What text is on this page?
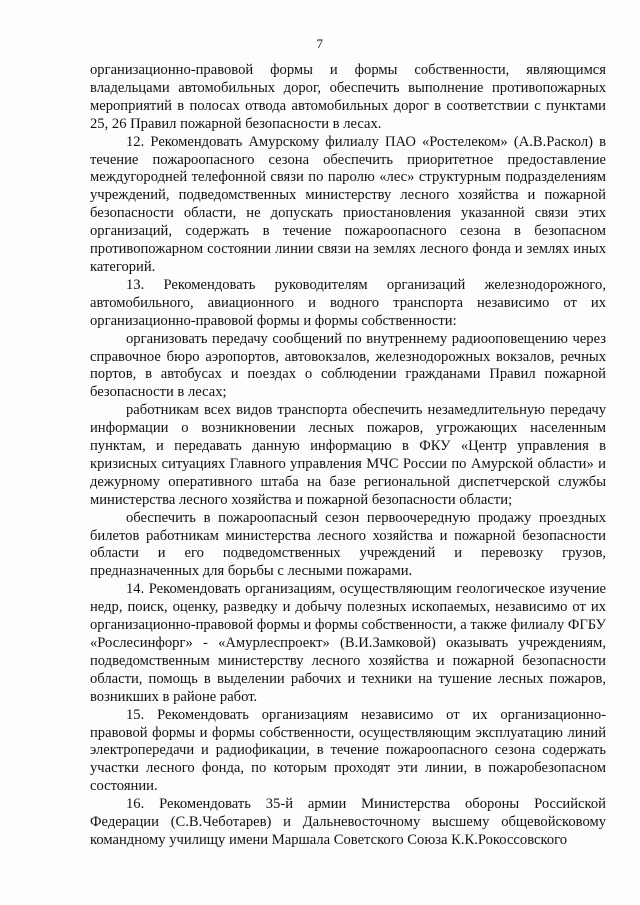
7

организационно-правовой формы и формы собственности, являющимся владельцами автомобильных дорог, обеспечить выполнение противопожарных мероприятий в полосах отвода автомобильных дорог в соответствии с пунктами 25, 26 Правил пожарной безопасности в лесах.

12. Рекомендовать Амурскому филиалу ПАО «Ростелеком» (А.В.Раскол) в течение пожароопасного сезона обеспечить приоритетное предоставление междугородней телефонной связи по паролю «лес» структурным подразделениям учреждений, подведомственных министерству лесного хозяйства и пожарной безопасности области, не допускать приостановления указанной связи этих организаций, содержать в течение пожароопасного сезона в безопасном противопожарном состоянии линии связи на землях лесного фонда и землях иных категорий.

13. Рекомендовать руководителям организаций железнодорожного, автомобильного, авиационного и водного транспорта независимо от их организационно-правовой формы и формы собственности:

организовать передачу сообщений по внутреннему радиооповещению через справочное бюро аэропортов, автовокзалов, железнодорожных вокзалов, речных портов, в автобусах и поездах о соблюдении гражданами Правил пожарной безопасности в лесах;

работникам всех видов транспорта обеспечить незамедлительную передачу информации о возникновении лесных пожаров, угрожающих населенным пунктам, и передавать данную информацию в ФКУ «Центр управления в кризисных ситуациях Главного управления МЧС России по Амурской области» и дежурному оперативного штаба на базе региональной диспетчерской службы министерства лесного хозяйства и пожарной безопасности области;

обеспечить в пожароопасный сезон первоочередную продажу проездных билетов работникам министерства лесного хозяйства и пожарной безопасности области и его подведомственных учреждений и перевозку грузов, предназначенных для борьбы с лесными пожарами.

14. Рекомендовать организациям, осуществляющим геологическое изучение недр, поиск, оценку, разведку и добычу полезных ископаемых, независимо от их организационно-правовой формы и формы собственности, а также филиалу ФГБУ «Рослесинфорг» - «Амурлеспроект» (В.И.Замковой) оказывать учреждениям, подведомственным министерству лесного хозяйства и пожарной безопасности области, помощь в выделении рабочих и техники на тушение лесных пожаров, возникших в районе работ.

15. Рекомендовать организациям независимо от их организационно-правовой формы и формы собственности, осуществляющим эксплуатацию линий электропередачи и радиофикации, в течение пожароопасного сезона содержать участки лесного фонда, по которым проходят эти линии, в пожаробезопасном состоянии.

16. Рекомендовать 35-й армии Министерства обороны Российской Федерации (С.В.Чеботарев) и Дальневосточному высшему общевойсковому командному училищу имени Маршала Советского Союза К.К.Рокоссовского
